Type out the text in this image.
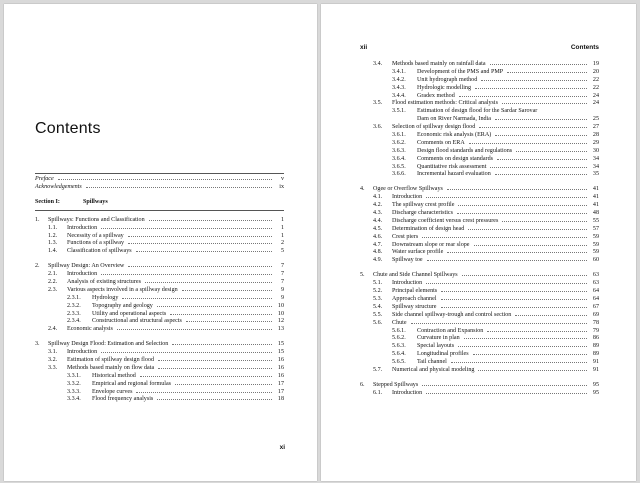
Contents
Preface	v
Acknowledgements	ix
Section I:	Spillways
1.	Spillways: Functions and Classification	1
1.1.	Introduction	1
1.2.	Necessity of a spillway	1
1.3.	Functions of a spillway	2
1.4.	Classification of spillways	5
2.	Spillway Design: An Overview	7
2.1.	Introduction	7
2.2.	Analysis of existing structures	7
2.3.	Various aspects involved in a spillway design	9
2.3.1.	Hydrology	9
2.3.2.	Topography and geology	10
2.3.3.	Utility and operational aspects	10
2.3.4.	Constructional and structural aspects	12
2.4.	Economic analysis	13
3.	Spillway Design Flood: Estimation and Selection	15
3.1.	Introduction	15
3.2.	Estimation of spillway design flood	16
3.3.	Methods based mainly on flow data	16
3.3.1.	Historical method	16
3.3.2.	Empirical and regional formulas	17
3.3.3.	Envelope curves	17
3.3.4.	Flood frequency analysis	18
xi
xii	Contents
3.4.	Methods based mainly on rainfall data	19
3.4.1.	Development of the PMS and PMP	20
3.4.2.	Unit hydrograph method	22
3.4.3.	Hydrologic modelling	22
3.4.4.	Gradex method	24
3.5.	Flood estimation methods: Critical analysis	24
3.5.1.	Estimation of design flood for the Sardar Sarovar
Dam on River Narmada, India	25
3.6.	Selection of spillway design flood	27
3.6.1.	Economic risk analysis (ERA)	28
3.6.2.	Comments on ERA	29
3.6.3.	Design flood standards and regulations	30
3.6.4.	Comments on design standards	34
3.6.5.	Quantitative risk assessment	34
3.6.6.	Incremental hazard evaluation	35
4.	Ogee or Overflow Spillways	41
4.1.	Introduction	41
4.2.	The spillway crest profile	41
4.3.	Discharge characteristics	48
4.4.	Discharge coefficient versus crest pressures	55
4.5.	Determination of design head	57
4.6.	Crest piers	59
4.7.	Downstream slope or rear slope	59
4.8.	Water surface profile	59
4.9.	Spillway toe	60
5.	Chute and Side Channel Spillways	63
5.1.	Introduction	63
5.2.	Principal elements	64
5.3.	Approach channel	64
5.4.	Spillway structure	67
5.5.	Side channel spillway-trough and control section	69
5.6.	Chute	78
5.6.1.	Contraction and Expansion	79
5.6.2.	Curvature in plan	86
5.6.3.	Special layouts	89
5.6.4.	Longitudinal profiles	89
5.6.5.	Tail channel	91
5.7.	Numerical and physical modeling	91
6.	Stepped Spillways	95
6.1.	Introduction	95
